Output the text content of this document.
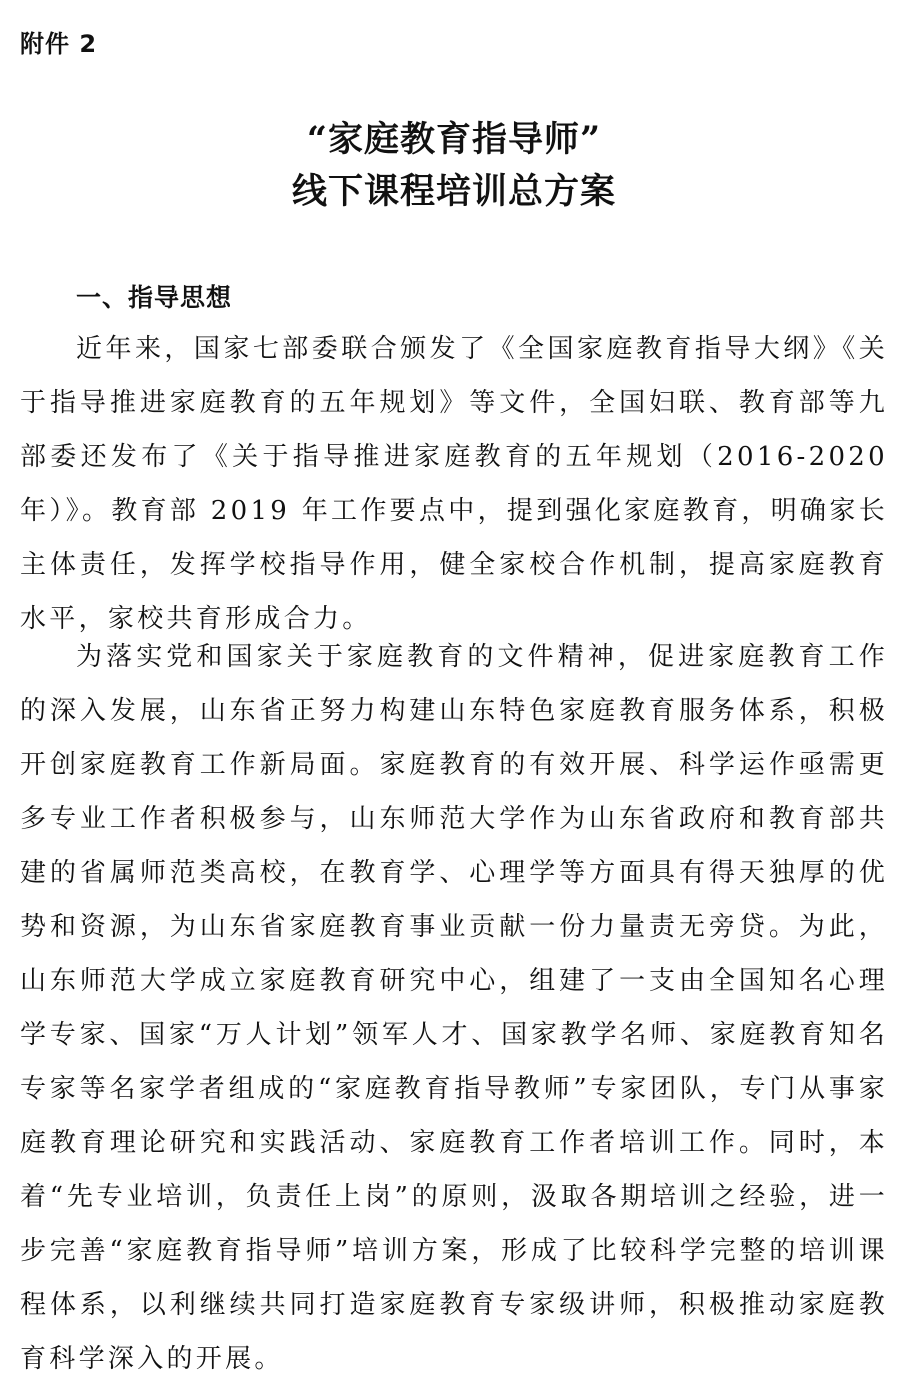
附件 2
“家庭教育指导师”
线下课程培训总方案
一、指导思想

近年来，国家七部委联合颁发了《全国家庭教育指导大纲》《关于指导推进家庭教育的五年规划》等文件，全国妇联、教育部等九部委还发布了《关于指导推进家庭教育的五年规划（2016-2020 年）》。教育部 2019 年工作要点中，提到强化家庭教育，明确家长主体责任，发挥学校指导作用，健全家校合作机制，提高家庭教育水平，家校共育形成合力。

为落实党和国家关于家庭教育的文件精神，促进家庭教育工作的深入发展，山东省正努力构建山东特色家庭教育服务体系，积极开创家庭教育工作新局面。家庭教育的有效开展、科学运作亟需更多专业工作者积极参与，山东师范大学作为山东省政府和教育部共建的省属师范类高校，在教育学、心理学等方面具有得天独厚的优势和资源，为山东省家庭教育事业贡献一份力量责无旁贷。为此，山东师范大学成立家庭教育研究中心，组建了一支由全国知名心理学专家、国家“万人计划”领军人才、国家教学名师、家庭教育知名专家等名家学者组成的“家庭教育指导教师”专家团队，专门从事家庭教育理论研究和实践活动、家庭教育工作者培训工作。同时，本着“先专业培训，负责任上岗”的原则，汲取各期培训之经验，进一步完善“家庭教育指导师”培训方案，形成了比较科学完整的培训课程体系，以利继续共同打造家庭教育专家级讲师，积极推动家庭教育科学深入的开展。
